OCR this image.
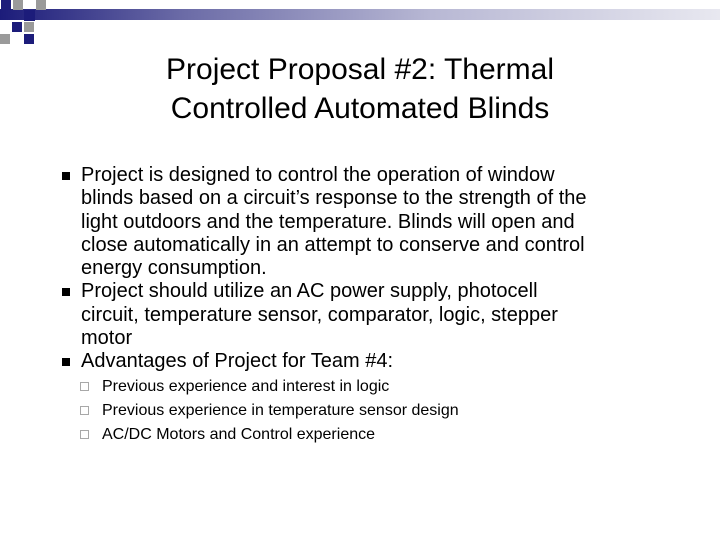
Project Proposal #2: Thermal
Controlled Automated Blinds
Project is designed to control the operation of window
blinds based on a circuit’s response to the strength of the
light outdoors and the temperature. Blinds will open and
close automatically in an attempt to conserve and control
energy consumption.
Project should utilize an AC power supply, photocell
circuit, temperature sensor, comparator, logic, stepper
motor
Advantages of Project for Team #4:
Previous experience and interest in logic
Previous experience in temperature sensor design
AC/DC Motors and Control experience
